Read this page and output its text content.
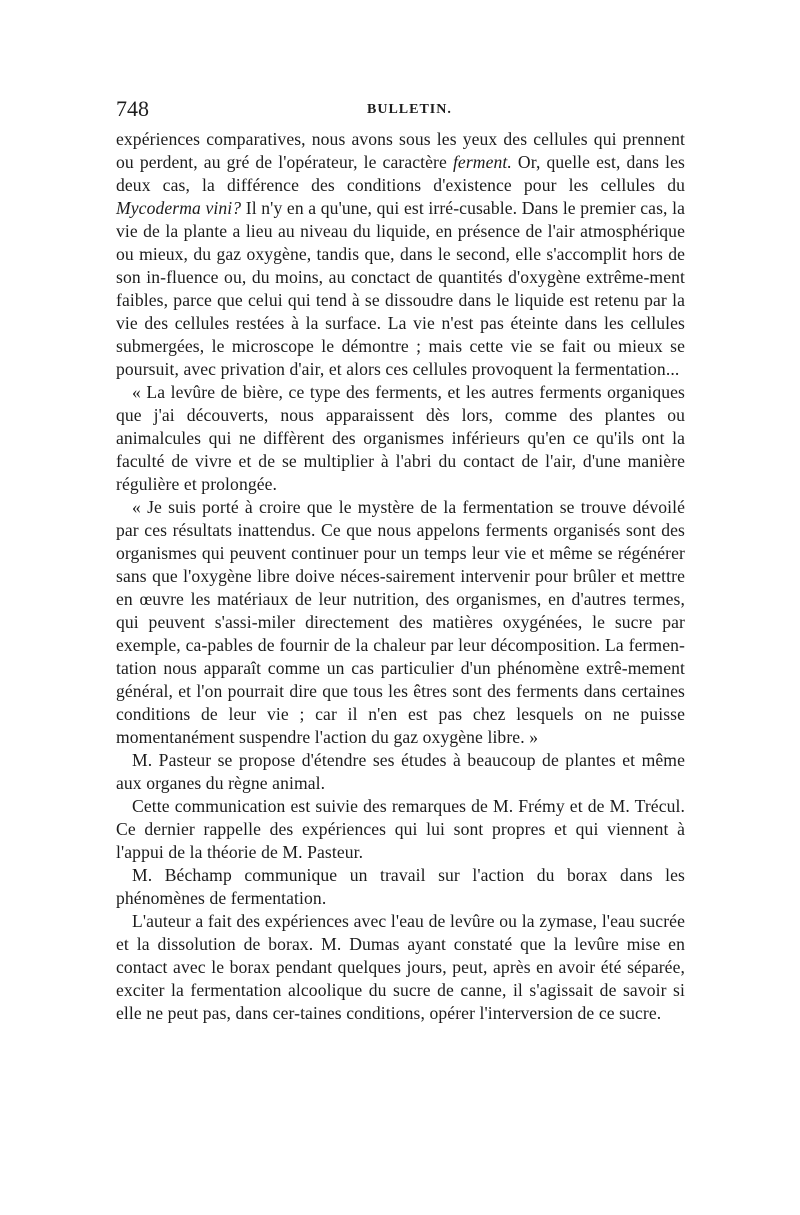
748	BULLETIN.

expériences comparatives, nous avons sous les yeux des cellules qui prennent ou perdent, au gré de l'opérateur, le caractère ferment. Or, quelle est, dans les deux cas, la différence des conditions d'existence pour les cellules du Mycoderma vini? Il n'y en a qu'une, qui est irré-cusable. Dans le premier cas, la vie de la plante a lieu au niveau du liquide, en présence de l'air atmosphérique ou mieux, du gaz oxygène, tandis que, dans le second, elle s'accomplit hors de son in-fluence ou, du moins, au conctact de quantités d'oxygène extrême-ment faibles, parce que celui qui tend à se dissoudre dans le liquide est retenu par la vie des cellules restées à la surface. La vie n'est pas éteinte dans les cellules submergées, le microscope le démontre ; mais cette vie se fait ou mieux se poursuit, avec privation d'air, et alors ces cellules provoquent la fermentation...

« La levûre de bière, ce type des ferments, et les autres ferments organiques que j'ai découverts, nous apparaissent dès lors, comme des plantes ou animalcules qui ne diffèrent des organismes inférieurs qu'en ce qu'ils ont la faculté de vivre et de se multiplier à l'abri du contact de l'air, d'une manière régulière et prolongée.

« Je suis porté à croire que le mystère de la fermentation se trouve dévoilé par ces résultats inattendus. Ce que nous appelons ferments organisés sont des organismes qui peuvent continuer pour un temps leur vie et même se régénérer sans que l'oxygène libre doive néces-sairement intervenir pour brûler et mettre en œuvre les matériaux de leur nutrition, des organismes, en d'autres termes, qui peuvent s'assi-miler directement des matières oxygénées, le sucre par exemple, ca-pables de fournir de la chaleur par leur décomposition. La fermen-tation nous apparaît comme un cas particulier d'un phénomène extrê-mement général, et l'on pourrait dire que tous les êtres sont des ferments dans certaines conditions de leur vie ; car il n'en est pas chez lesquels on ne puisse momentanément suspendre l'action du gaz oxygène libre. »

M. Pasteur se propose d'étendre ses études à beaucoup de plantes et même aux organes du règne animal.

Cette communication est suivie des remarques de M. Frémy et de M. Trécul. Ce dernier rappelle des expériences qui lui sont propres et qui viennent à l'appui de la théorie de M. Pasteur.

M. Béchamp communique un travail sur l'action du borax dans les phénomènes de fermentation.

L'auteur a fait des expériences avec l'eau de levûre ou la zymase, l'eau sucrée et la dissolution de borax. M. Dumas ayant constaté que la levûre mise en contact avec le borax pendant quelques jours, peut, après en avoir été séparée, exciter la fermentation alcoolique du sucre de canne, il s'agissait de savoir si elle ne peut pas, dans cer-taines conditions, opérer l'interversion de ce sucre.
